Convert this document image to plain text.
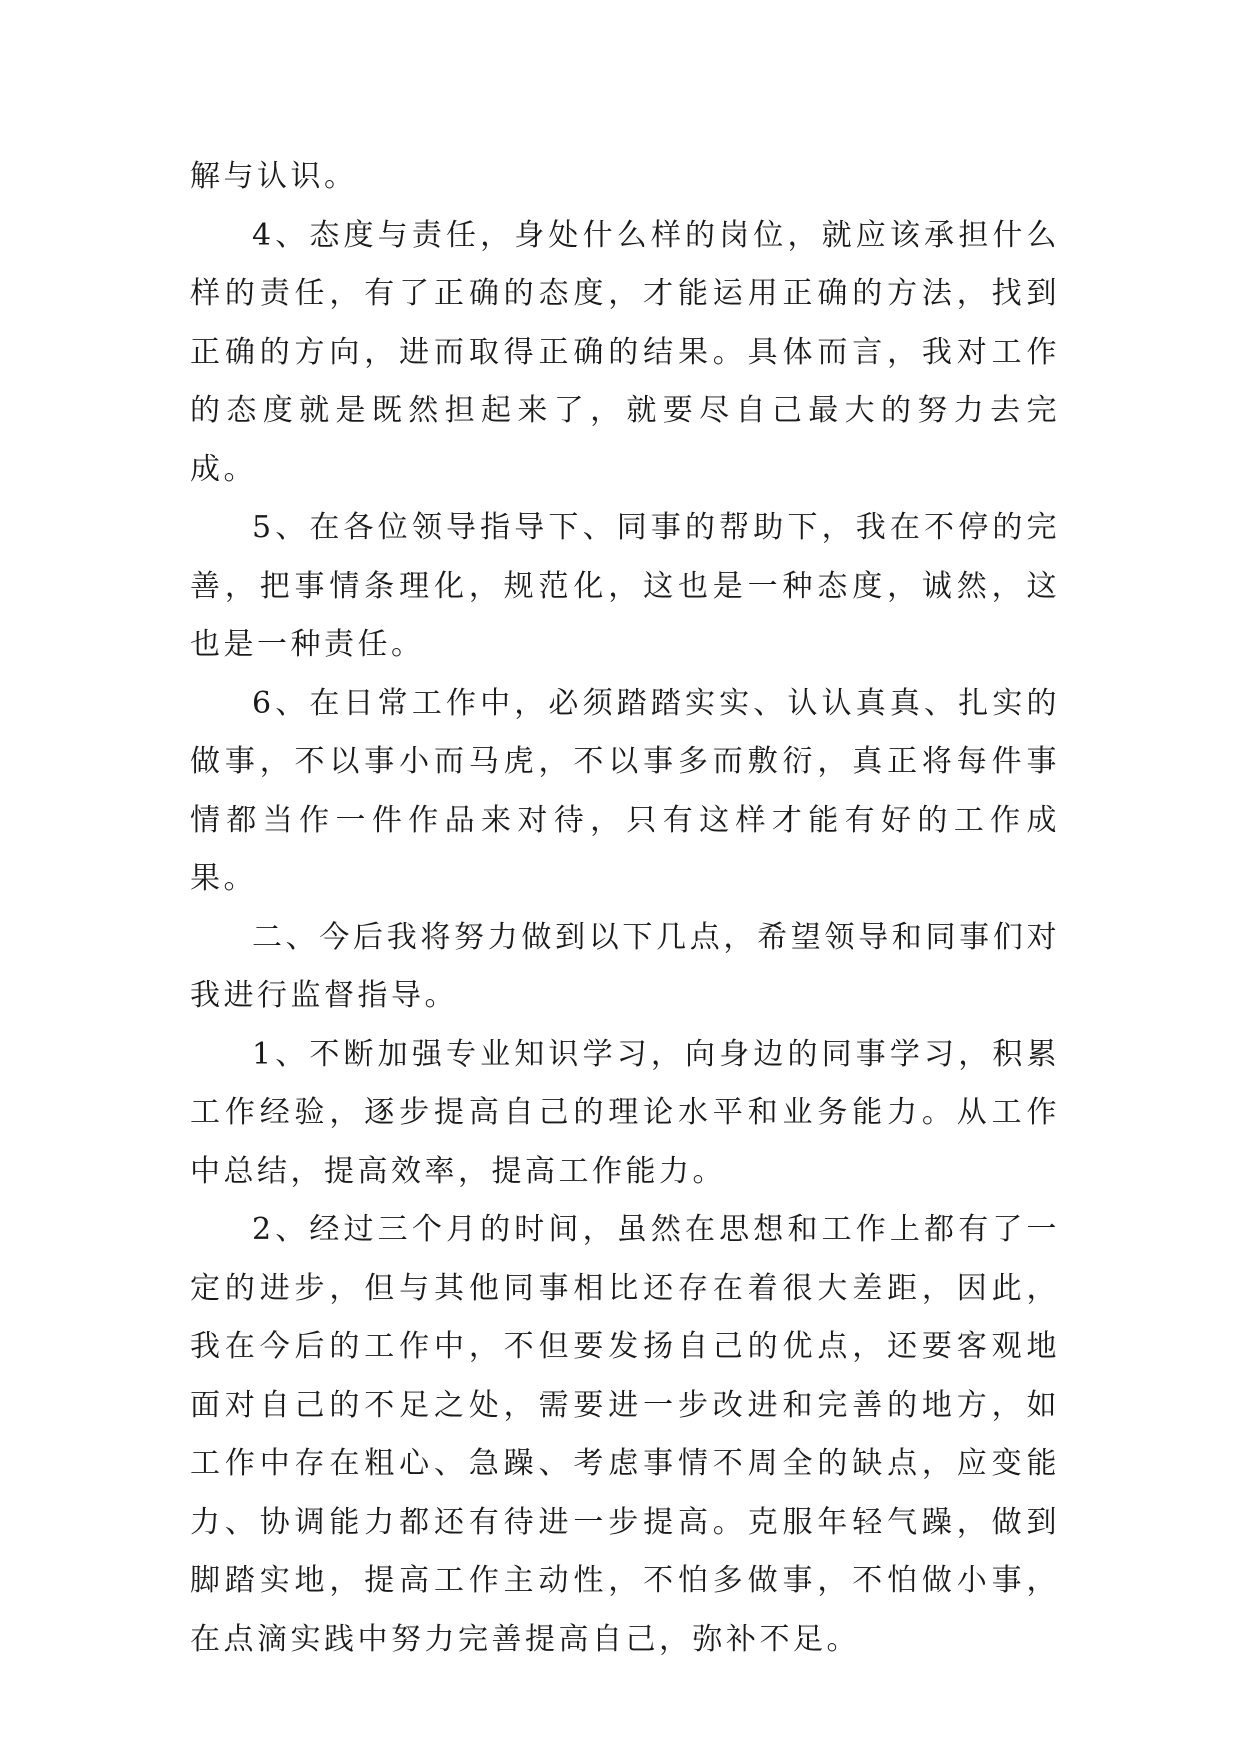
解与认识。

4、态度与责任，身处什么样的岗位，就应该承担什么样的责任，有了正确的态度，才能运用正确的方法，找到正确的方向，进而取得正确的结果。具体而言，我对工作的态度就是既然担起来了，就要尽自己最大的努力去完成。

5、在各位领导指导下、同事的帮助下，我在不停的完善，把事情条理化，规范化，这也是一种态度，诚然，这也是一种责任。

6、在日常工作中，必须踏踏实实、认认真真、扎实的做事，不以事小而马虎，不以事多而敷衍，真正将每件事情都当作一件作品来对待，只有这样才能有好的工作成果。

二、今后我将努力做到以下几点，希望领导和同事们对我进行监督指导。

1、不断加强专业知识学习，向身边的同事学习，积累工作经验，逐步提高自己的理论水平和业务能力。从工作中总结，提高效率，提高工作能力。

2、经过三个月的时间，虽然在思想和工作上都有了一定的进步，但与其他同事相比还存在着很大差距，因此，我在今后的工作中，不但要发扬自己的优点，还要客观地面对自己的不足之处，需要进一步改进和完善的地方，如工作中存在粗心、急躁、考虑事情不周全的缺点，应变能力、协调能力都还有待进一步提高。克服年轻气躁，做到脚踏实地，提高工作主动性，不怕多做事，不怕做小事，在点滴实践中努力完善提高自己，弥补不足。
